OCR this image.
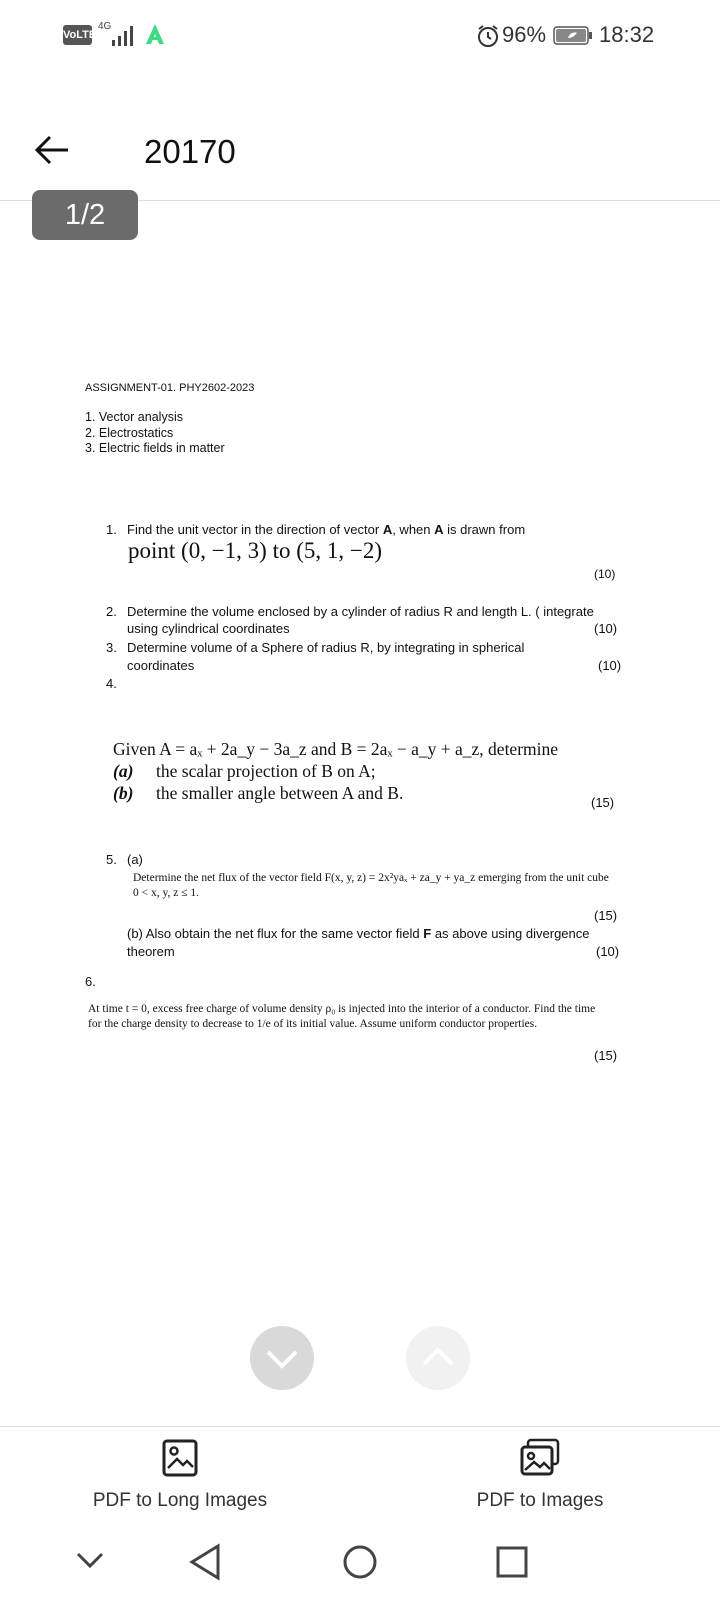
VoLTE
4G	96% 18:32
20170
1/2
ASSIGNMENT-01. PHY2602-2023
1. Vector analysis
2. Electrostatics
3. Electric fields in matter
1. Find the unit vector in the direction of vector A, when A is drawn from
point (0, −1, 3) to (5, 1, −2)
(10)
2. Determine the volume enclosed by a cylinder of radius R and length L. ( integrate
using cylindrical coordinates	(10)
3. Determine volume of a Sphere of radius R, by integrating in spherical
coordinates	(10)
4.
Given A = aₓ + 2a_y − 3a_z and B = 2aₓ − a_y + a_z, determine
(a) the scalar projection of B on A;
(b) the smaller angle between A and B.	(15)
5. (a)
Determine the net flux of the vector field F(x, y, z) = 2x²yaₓ + za_y + ya_z emerging from the unit cube
0 < x, y, z ≤ 1.
(15)
(b) Also obtain the net flux for the same vector field F as above using divergence
theorem	(10)
6.
At time t = 0, excess free charge of volume density ρ₀ is injected into the interior of a conductor. Find the time
for the charge density to decrease to 1/e of its initial value. Assume uniform conductor properties.
(15)
PDF to Long Images	PDF to Images
